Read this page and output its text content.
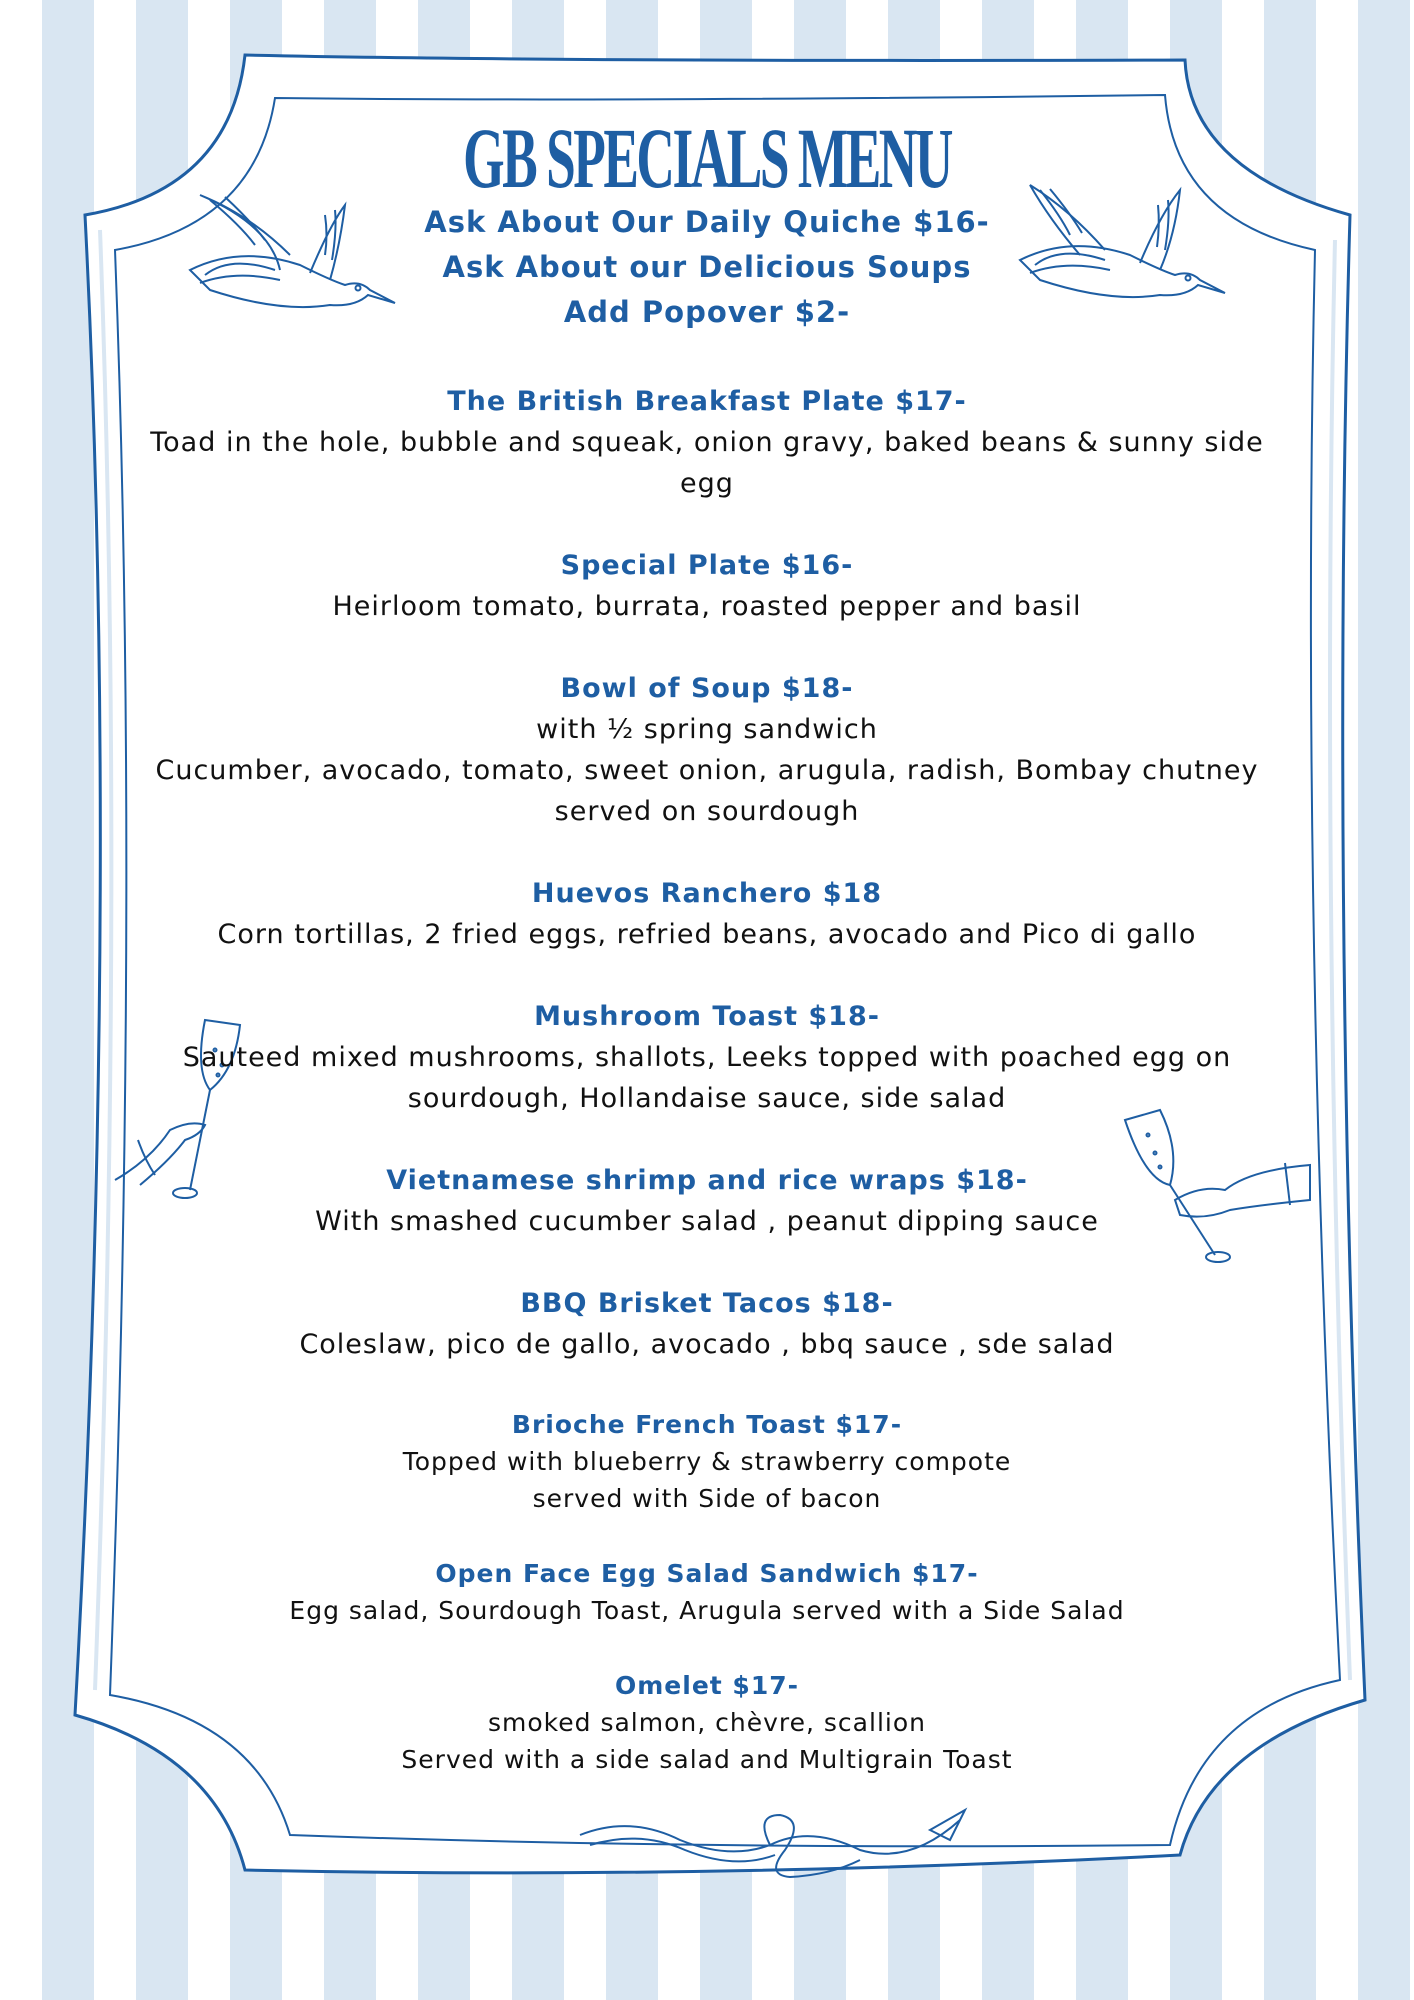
GB SPECIALS MENU

Ask About Our Daily Quiche $16-

Ask About our Delicious Soups

Add Popover $2-

The British Breakfast Plate $17-

Toad in the hole, bubble and squeak, onion gravy, baked beans & sunny side

egg

Special Plate $16-

Heirloom tomato, burrata, roasted pepper and basil

Bowl of Soup $18-

with ½ spring sandwich

Cucumber, avocado, tomato, sweet onion, arugula, radish, Bombay chutney

served on sourdough

Huevos Ranchero $18

Corn tortillas, 2 fried eggs, refried beans, avocado and Pico di gallo

Mushroom Toast $18-

Sauteed mixed mushrooms, shallots, Leeks topped with poached egg on

sourdough, Hollandaise sauce, side salad

Vietnamese shrimp and rice wraps $18-

With smashed cucumber salad , peanut dipping sauce

BBQ Brisket Tacos $18-

Coleslaw, pico de gallo, avocado , bbq sauce , sde salad

Brioche French Toast $17-

Topped with blueberry & strawberry compote

served with Side of bacon

Open Face Egg Salad Sandwich $17-

Egg salad, Sourdough Toast, Arugula served with a Side Salad

Omelet $17-

smoked salmon, chèvre, scallion

Served with a side salad and Multigrain Toast
